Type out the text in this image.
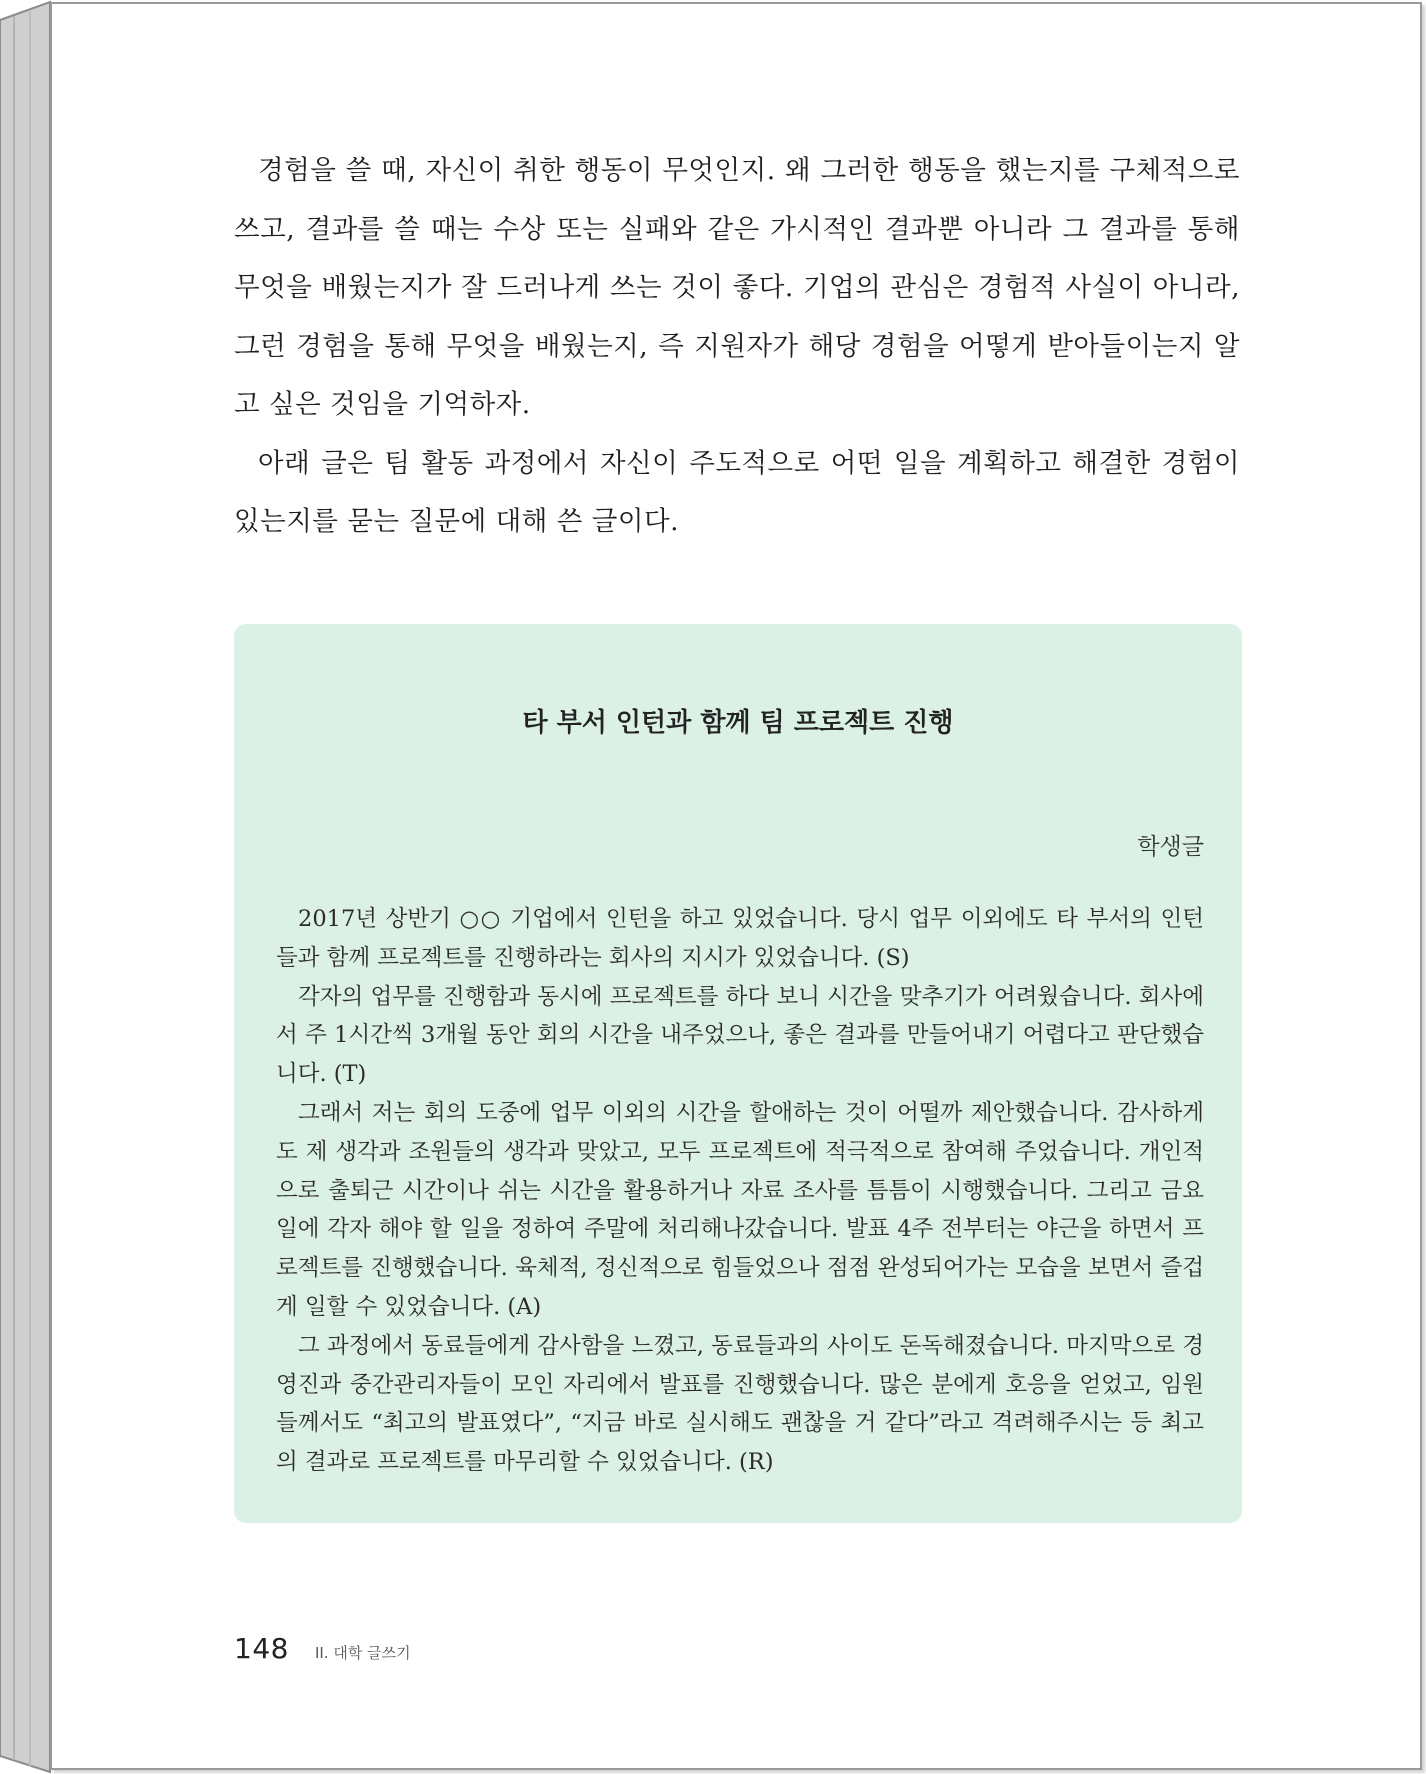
경험을 쓸 때, 자신이 취한 행동이 무엇인지. 왜 그러한 행동을 했는지를 구체적으로 쓰고, 결과를 쓸 때는 수상 또는 실패와 같은 가시적인 결과뿐 아니라 그 결과를 통해 무엇을 배웠는지가 잘 드러나게 쓰는 것이 좋다. 기업의 관심은 경험적 사실이 아니라, 그런 경험을 통해 무엇을 배웠는지, 즉 지원자가 해당 경험을 어떻게 받아들이는지 알고 싶은 것임을 기억하자.

아래 글은 팀 활동 과정에서 자신이 주도적으로 어떤 일을 계획하고 해결한 경험이 있는지를 묻는 질문에 대해 쓴 글이다.

타 부서 인턴과 함께 팀 프로젝트 진행
학생글

2017년 상반기 ○○ 기업에서 인턴을 하고 있었습니다. 당시 업무 이외에도 타 부서의 인턴들과 함께 프로젝트를 진행하라는 회사의 지시가 있었습니다. (S)

각자의 업무를 진행함과 동시에 프로젝트를 하다 보니 시간을 맞추기가 어려웠습니다. 회사에서 주 1시간씩 3개월 동안 회의 시간을 내주었으나, 좋은 결과를 만들어내기 어렵다고 판단했습니다. (T)

그래서 저는 회의 도중에 업무 이외의 시간을 할애하는 것이 어떨까 제안했습니다. 감사하게도 제 생각과 조원들의 생각과 맞았고, 모두 프로젝트에 적극적으로 참여해 주었습니다. 개인적으로 출퇴근 시간이나 쉬는 시간을 활용하거나 자료 조사를 틈틈이 시행했습니다. 그리고 금요일에 각자 해야 할 일을 정하여 주말에 처리해나갔습니다. 발표 4주 전부터는 야근을 하면서 프로젝트를 진행했습니다. 육체적, 정신적으로 힘들었으나 점점 완성되어가는 모습을 보면서 즐겁게 일할 수 있었습니다. (A)

그 과정에서 동료들에게 감사함을 느꼈고, 동료들과의 사이도 돈독해졌습니다. 마지막으로 경영진과 중간관리자들이 모인 자리에서 발표를 진행했습니다. 많은 분에게 호응을 얻었고, 임원들께서도 “최고의 발표였다”, “지금 바로 실시해도 괜찮을 거 같다”라고 격려해주시는 등 최고의 결과로 프로젝트를 마무리할 수 있었습니다. (R)

148 II. 대학 글쓰기
